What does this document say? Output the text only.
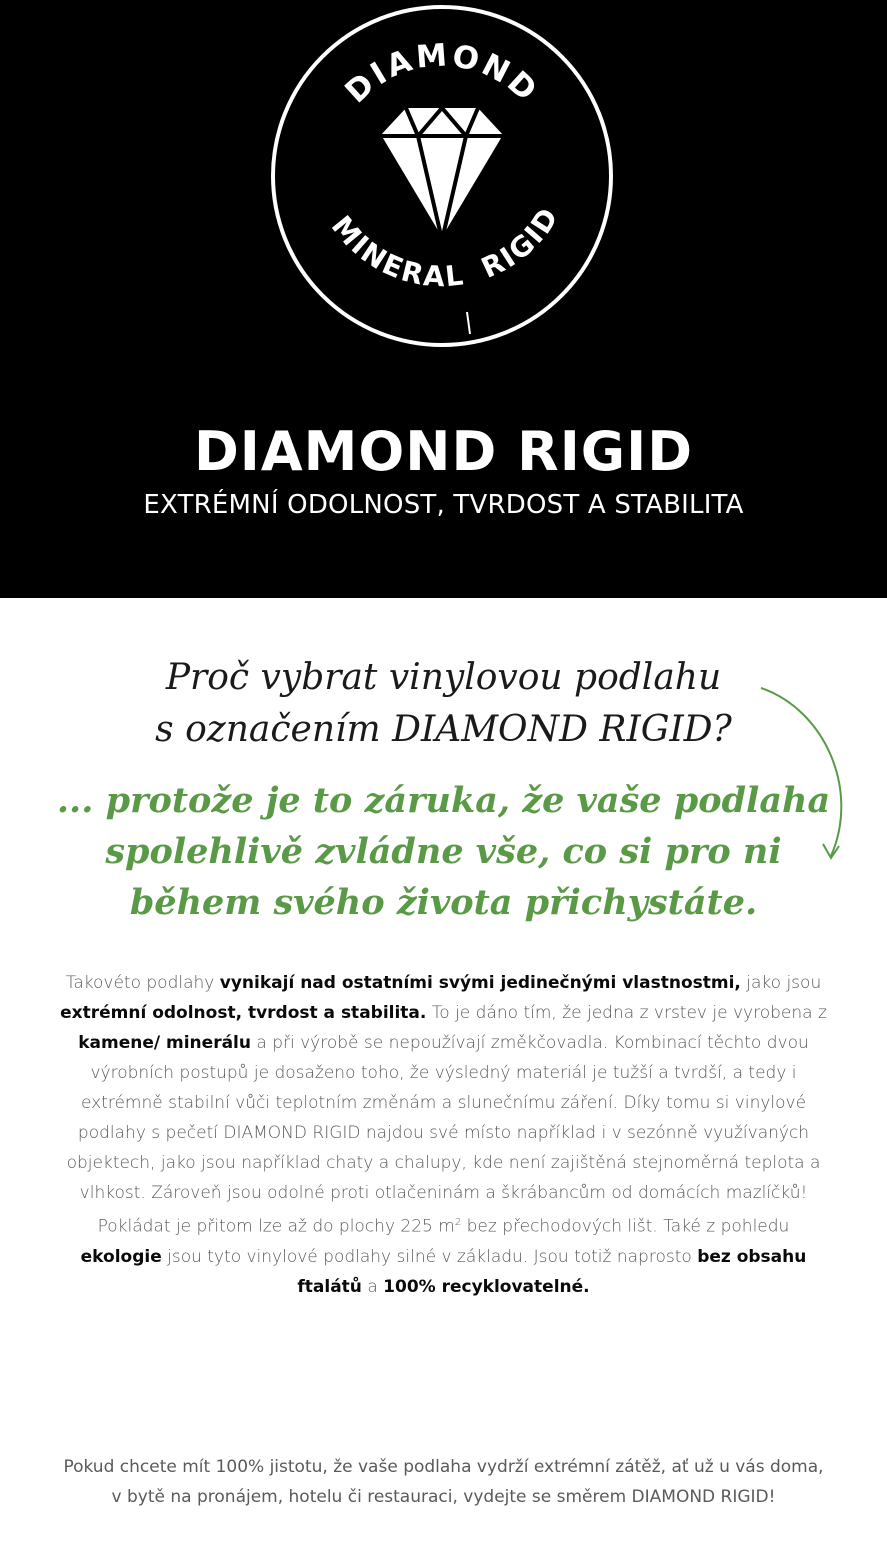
DIAMOND
MINERAL RIGID
DIAMOND RIGID
EXTRÉMNÍ ODOLNOST, TVRDOST A STABILITA
Proč vybrat vinylovou podlahu
s označením DIAMOND RIGID?
... protože je to záruka, že vaše podlaha
spolehlivě zvládne vše, co si pro ni
během svého života přichystáte.
Takovéto podlahy vynikají nad ostatními svými jedinečnými vlastnostmi, jako jsou extrémní odolnost, tvrdost a stabilita. To je dáno tím, že jedna z vrstev je vyrobena z kamene/ minerálu a při výrobě se nepoužívají změkčovadla. Kombinací těchto dvou výrobních postupů je dosaženo toho, že výsledný materiál je tužší a tvrdší, a tedy i extrémně stabilní vůči teplotním změnám a slunečnímu záření. Díky tomu si vinylové podlahy s pečetí DIAMOND RIGID najdou své místo například i v sezónně využívaných objektech, jako jsou například chaty a chalupy, kde není zajištěná stejnoměrná teplota a vlhkost. Zároveň jsou odolné proti otlačeninám a škrábancům od domácích mazlíčků! Pokládat je přitom lze až do plochy 225 $m^2$ bez přechodových lišt. Také z pohledu ekologie jsou tyto vinylové podlahy silné v základu. Jsou totiž naprosto bez obsahu ftalátů a 100% recyklovatelné.
Pokud chcete mít 100% jistotu, že vaše podlaha vydrží extrémní zátěž, ať už u vás doma, v bytě na pronájem, hotelu či restauraci, vydejte se směrem DIAMOND RIGID!
